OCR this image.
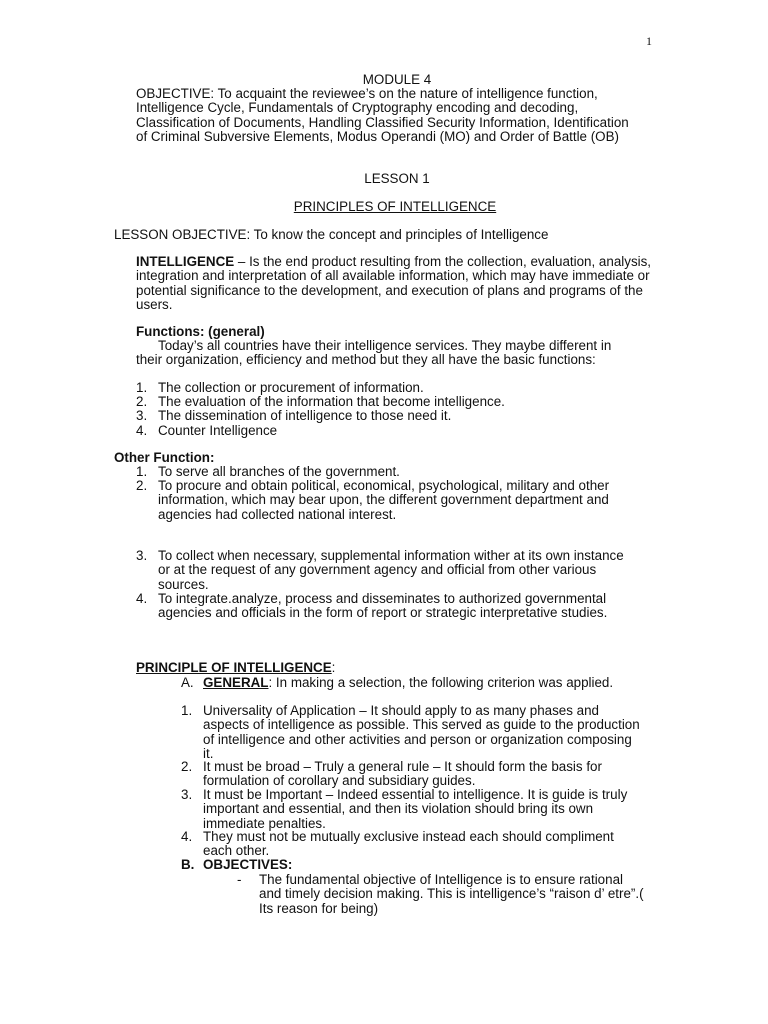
1
MODULE 4
OBJECTIVE: To acquaint the reviewee’s on the nature of intelligence function, Intelligence Cycle, Fundamentals of Cryptography encoding and decoding, Classification of Documents, Handling Classified Security Information, Identification of Criminal Subversive Elements, Modus Operandi (MO) and Order of Battle (OB)
LESSON 1
PRINCIPLES OF INTELLIGENCE
LESSON OBJECTIVE: To know the concept and principles of Intelligence
INTELLIGENCE – Is the end product resulting from the collection, evaluation, analysis, integration and interpretation of all available information, which may have immediate or potential significance to the development, and execution of plans and programs of the users.
Functions: (general)
Today’s all countries have their intelligence services. They maybe different in their organization, efficiency and method but they all have the basic functions:
1. The collection or procurement of information.
2. The evaluation of the information that become intelligence.
3. The dissemination of intelligence to those need it.
4. Counter Intelligence
Other Function:
1. To serve all branches of the government.
2. To procure and obtain political, economical, psychological, military and other information, which may bear upon, the different government department and agencies had collected national interest.
3. To collect when necessary, supplemental information wither at its own instance or at the request of any government agency and official from other various sources.
4. To integrate.analyze, process and disseminates to authorized governmental agencies and officials in the form of report or strategic interpretative studies.
PRINCIPLE OF INTELLIGENCE:
A. GENERAL: In making a selection, the following criterion was applied.
1. Universality of Application – It should apply to as many phases and aspects of intelligence as possible. This served as guide to the production of intelligence and other activities and person or organization composing it.
2. It must be broad – Truly a general rule – It should form the basis for formulation of corollary and subsidiary guides.
3. It must be Important – Indeed essential to intelligence. It is guide is truly important and essential, and then its violation should bring its own immediate penalties.
4. They must not be mutually exclusive instead each should compliment each other.
B. OBJECTIVES:
-	The fundamental objective of Intelligence is to ensure rational and timely decision making. This is intelligence’s “raison d’ etre”.( Its reason for being)
